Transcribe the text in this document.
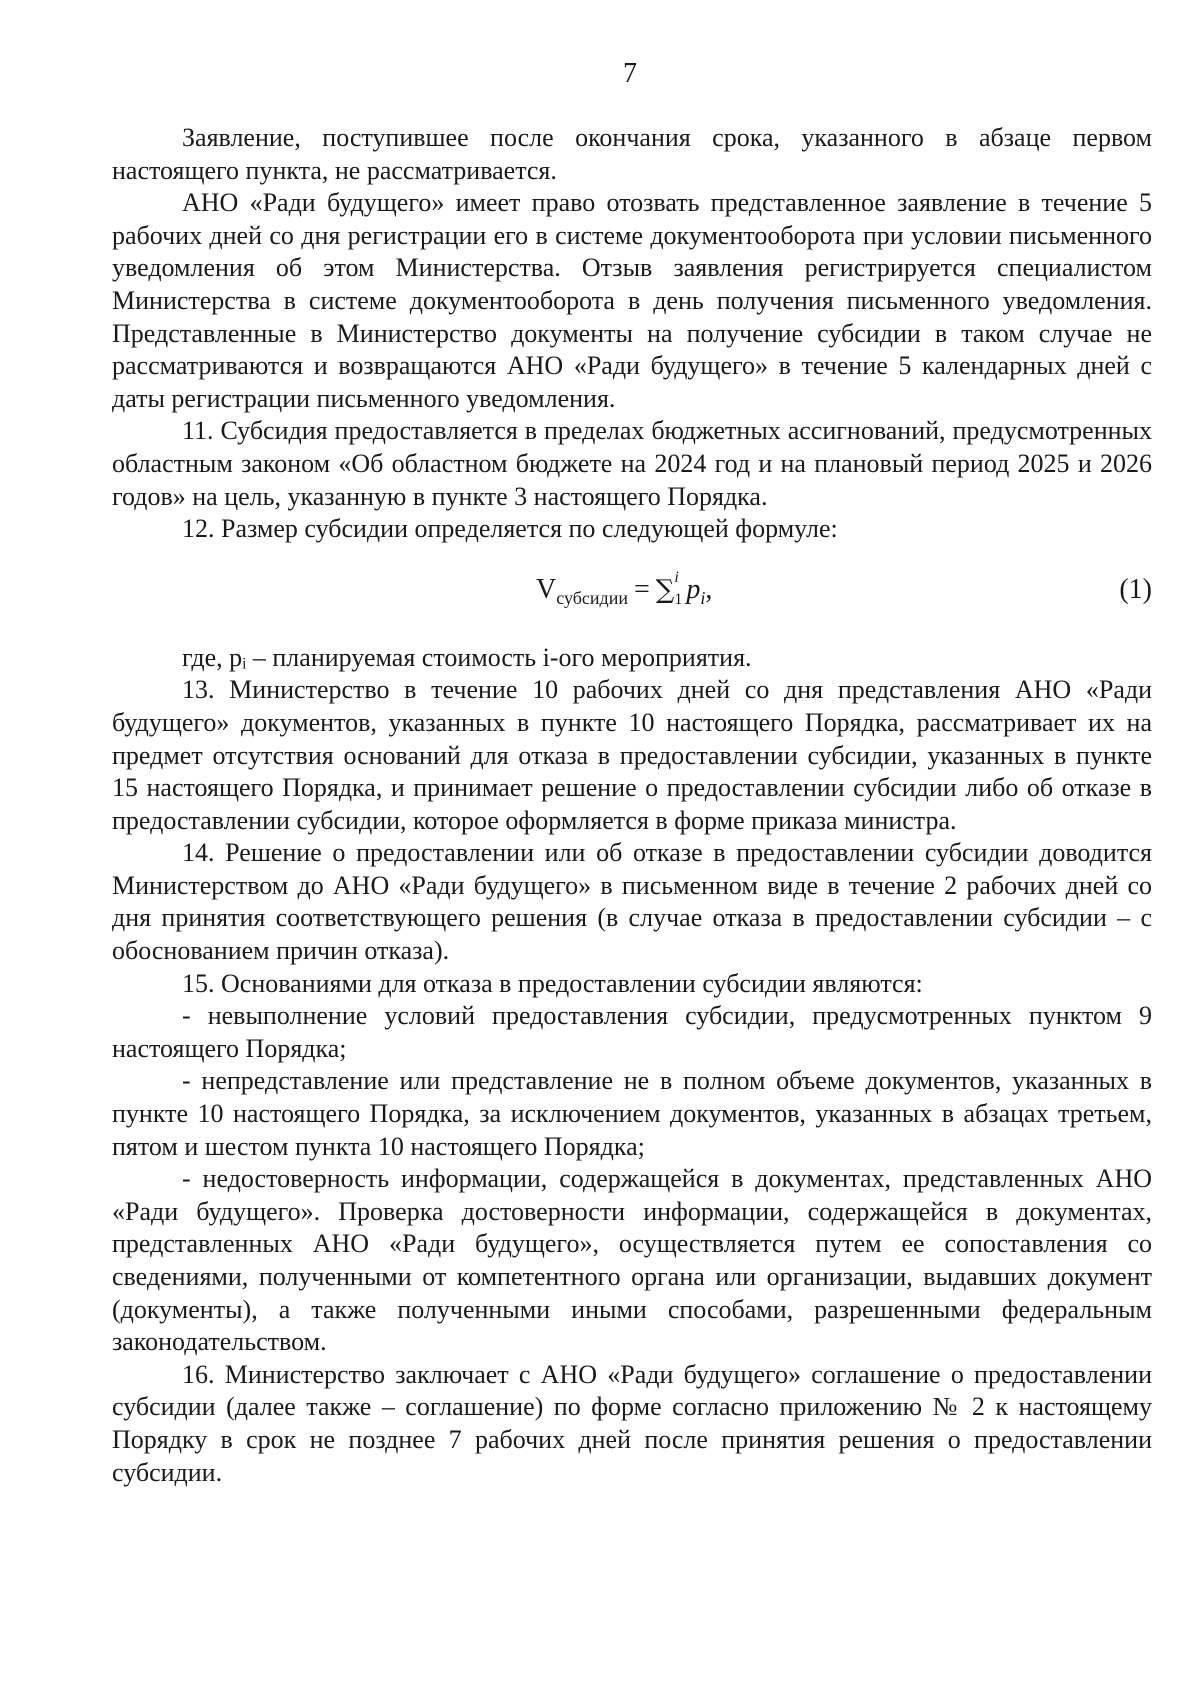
7

Заявление, поступившее после окончания срока, указанного в абзаце первом настоящего пункта, не рассматривается.

АНО «Ради будущего» имеет право отозвать представленное заявление в течение 5 рабочих дней со дня регистрации его в системе документооборота при условии письменного уведомления об этом Министерства. Отзыв заявления регистрируется специалистом Министерства в системе документооборота в день получения письменного уведомления. Представленные в Министерство документы на получение субсидии в таком случае не рассматриваются и возвращаются АНО «Ради будущего» в течение 5 календарных дней с даты регистрации письменного уведомления.

11. Субсидия предоставляется в пределах бюджетных ассигнований, предусмотренных областным законом «Об областном бюджете на 2024 год и на плановый период 2025 и 2026 годов» на цель, указанную в пункте 3 настоящего Порядка.

12. Размер субсидии определяется по следующей формуле:

$V_{субсидии}$ = ∑ i
1 $p_i$,	(1)

где, pᵢ – планируемая стоимость i-ого мероприятия.

13. Министерство в течение 10 рабочих дней со дня представления АНО «Ради будущего» документов, указанных в пункте 10 настоящего Порядка, рассматривает их на предмет отсутствия оснований для отказа в предоставлении субсидии, указанных в пункте 15 настоящего Порядка, и принимает решение о предоставлении субсидии либо об отказе в предоставлении субсидии, которое оформляется в форме приказа министра.

14. Решение о предоставлении или об отказе в предоставлении субсидии доводится Министерством до АНО «Ради будущего» в письменном виде в течение 2 рабочих дней со дня принятия соответствующего решения (в случае отказа в предоставлении субсидии – с обоснованием причин отказа).

15. Основаниями для отказа в предоставлении субсидии являются:

- невыполнение условий предоставления субсидии, предусмотренных пунктом 9 настоящего Порядка;

- непредставление или представление не в полном объеме документов, указанных в пункте 10 настоящего Порядка, за исключением документов, указанных в абзацах третьем, пятом и шестом пункта 10 настоящего Порядка;

- недостоверность информации, содержащейся в документах, представленных АНО «Ради будущего». Проверка достоверности информации, содержащейся в документах, представленных АНО «Ради будущего», осуществляется путем ее сопоставления со сведениями, полученными от компетентного органа или организации, выдавших документ (документы), а также полученными иными способами, разрешенными федеральным законодательством.

16. Министерство заключает с АНО «Ради будущего» соглашение о предоставлении субсидии (далее также – соглашение) по форме согласно приложению № 2 к настоящему Порядку в срок не позднее 7 рабочих дней после принятия решения о предоставлении субсидии.
